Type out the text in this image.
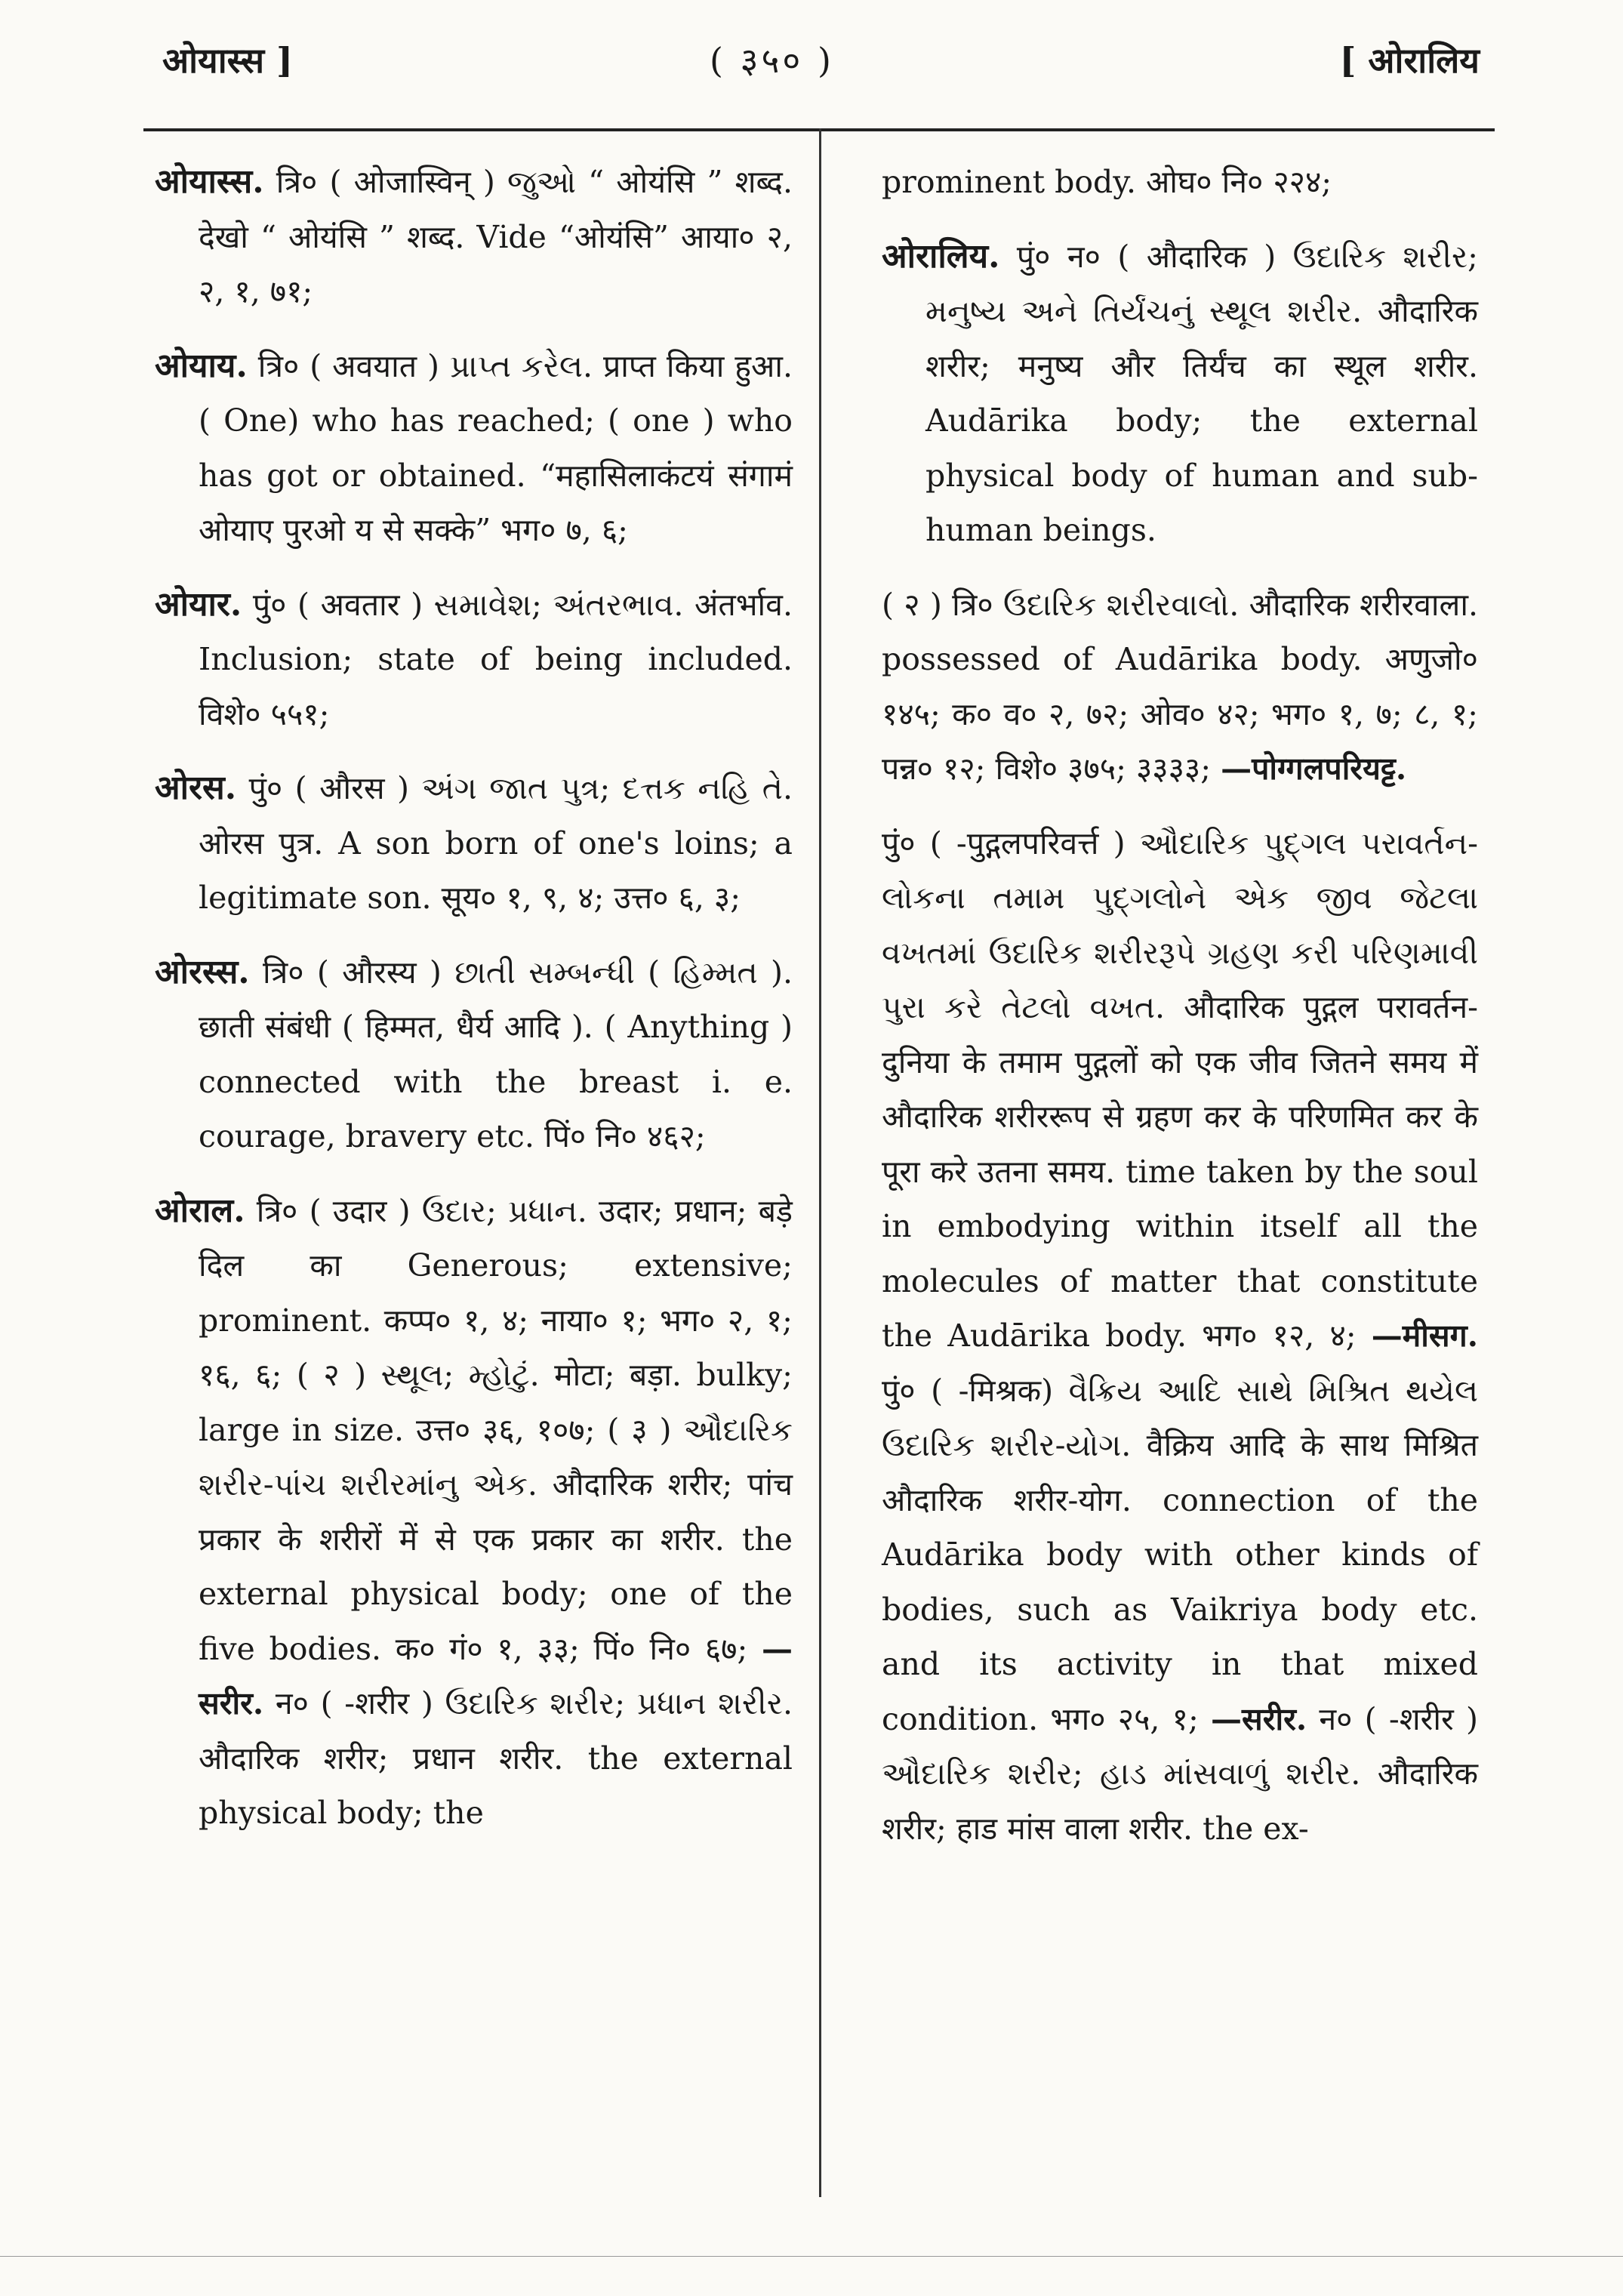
ओयास्स ]	( ३५० )	[ ओरालिय

ओयास्स. त्रि० ( ओजास्विन् ) જુઓ “ ओयंसि ” शब्द. देखो “ ओयंसि ” शब्द. Vide “ओयंसि” आया० २, २, १, ७१;

ओयाय. त्रि० ( अवयात ) પ્રાપ્ત કરેલ. प्राप्त किया हुआ. ( One) who has reached; ( one ) who has got or obtained. “महासिलाकंटयं संगामं ओयाए पुरओ य से सक्के” भग० ७, ६;

ओयार. पुं० ( अवतार ) સમાવેશ; અંતરભાવ. अंतर्भाव. Inclusion; state of being included. विशे० ५५१;

ओरस. पुं० ( औरस ) અંગ જાત પુત્ર; દત્તક નહિ તે. ओरस पुत्र. A son born of one's loins; a legitimate son. सूय० १, ९, ४; उत्त० ६, ३;

ओरस्स. त्रि० ( औरस्य ) છાતી સમ્બન્ધી ( હિમ્મત ). छाती संबंधी ( हिम्मत, धैर्य आदि ). ( Anything ) connected with the breast i. e. courage, bravery etc. पिं० नि० ४६२;

ओराल. त्रि० ( उदार ) ઉદાર; પ્રધાન. उदार; प्रधान; बड़े दिल का Generous; extensive; prominent. कप्प० १, ४; नाया० १; भग० २, १; १६, ६; ( २ ) સ્થૂલ; મ્હોટું. मोटा; बड़ा. bulky; large in size. उत्त० ३६, १०७; ( ३ ) ઔદારિક શરીર-પાંચ શરીરમાંનુ એક. औदारिक शरीर; पांच प्रकार के शरीरों में से एक प्रकार का शरीर. the external physical body; one of the five bodies. क० गं० १, ३३; पिं० नि० ६७; —सरीर. न० ( -शरीर ) ઉદારિક શરીર; પ્રધાન શરીર. औदारिक शरीर; प्रधान शरीर. the external physical body; the

prominent body. ओघ० नि० २२४;

ओरालिय. पुं० न० ( औदारिक ) ઉદારિક શરીર; મનુષ્ય અને તિર્યંચનું સ્થૂલ શરીર. औदारिक शरीर; मनुष्य और तिर्यंच का स्थूल शरीर. Audārika body; the external physical body of human and sub-human beings.

( २ ) त्रि० ઉદારિક શરીરવાલો. औदारिक शरीरवाला. possessed of Audārika body. अणुजो० १४५; क० व० २, ७२; ओव० ४२; भग० १, ७; ८, १; पन्न० १२; विशे० ३७५; ३३३३; —पोग्गलपरियट्ट.

पुं० ( -पुद्गलपरिवर्त्त ) ઔદારિક પુદ્ગલ પરાવર્તન-લોકના તમામ પુદ્ગલોને એક જીવ જેટલા વખતમાં ઉદારિક શરીરરૂપે ગ્રહણ કરી પરિણમાવી પુરા કરે તેટલો વખત. औदारिक पुद्गल परावर्तन-दुनिया के तमाम पुद्गलों को एक जीव जितने समय में औदारिक शरीररूप से ग्रहण कर के परिणमित कर के पूरा करे उतना समय. time taken by the soul in embodying within itself all the molecules of matter that constitute the Audārika body. भग० १२, ४; —मीसग. पुं० ( -मिश्रक) વૈક્રિય આદિ સાથે મિશ્રિત થયેલ ઉદારિક શરીર-યોગ. वैक्रिय आदि के साथ मिश्रित औदारिक शरीर-योग. connection of the Audārika body with other kinds of bodies, such as Vaikriya body etc. and its activity in that mixed condition. भग० २५, १; —सरीर. न० ( -शरीर ) ઔદારિક શરીર; હાડ માંસવાળું શરીર. औदारिक शरीर; हाड मांस वाला शरीर. the ex-
